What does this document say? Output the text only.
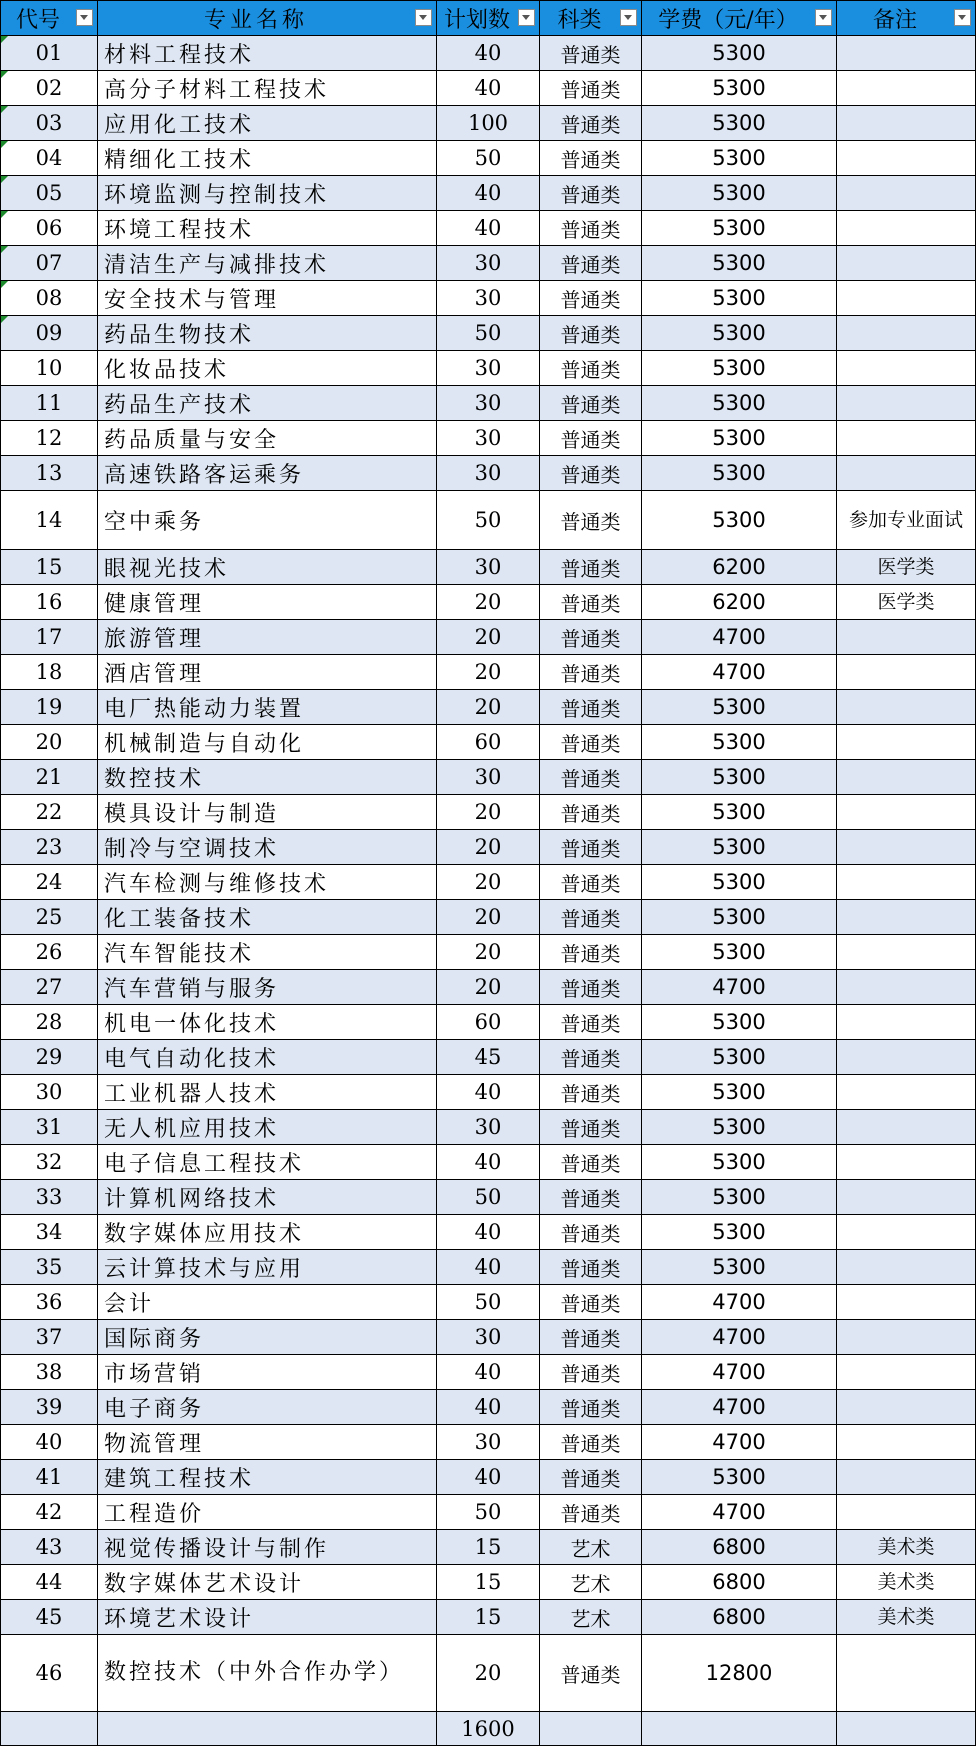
代号	专业名称	计划数	科类	学费（元/年）	备注

01	材料工程技术	40	普通类	5300	

02	高分子材料工程技术	40	普通类	5300	

03	应用化工技术	100	普通类	5300	

04	精细化工技术	50	普通类	5300	

05	环境监测与控制技术	40	普通类	5300	

06	环境工程技术	40	普通类	5300	

07	清洁生产与减排技术	30	普通类	5300	

08	安全技术与管理	30	普通类	5300	

09	药品生物技术	50	普通类	5300	
10	化妆品技术	30	普通类	5300	
11	药品生产技术	30	普通类	5300	
12	药品质量与安全	30	普通类	5300	
13	高速铁路客运乘务	30	普通类	5300	
14	空中乘务	50	普通类	5300	参加专业面试
15	眼视光技术	30	普通类	6200	医学类
16	健康管理	20	普通类	6200	医学类
17	旅游管理	20	普通类	4700	
18	酒店管理	20	普通类	4700	
19	电厂热能动力装置	20	普通类	5300	
20	机械制造与自动化	60	普通类	5300	
21	数控技术	30	普通类	5300	
22	模具设计与制造	20	普通类	5300	
23	制冷与空调技术	20	普通类	5300	
24	汽车检测与维修技术	20	普通类	5300	
25	化工装备技术	20	普通类	5300	
26	汽车智能技术	20	普通类	5300	
27	汽车营销与服务	20	普通类	4700	
28	机电一体化技术	60	普通类	5300	
29	电气自动化技术	45	普通类	5300	
30	工业机器人技术	40	普通类	5300	
31	无人机应用技术	30	普通类	5300	
32	电子信息工程技术	40	普通类	5300	
33	计算机网络技术	50	普通类	5300	
34	数字媒体应用技术	40	普通类	5300	
35	云计算技术与应用	40	普通类	5300	
36	会计	50	普通类	4700	
37	国际商务	30	普通类	4700	
38	市场营销	40	普通类	4700	
39	电子商务	40	普通类	4700	
40	物流管理	30	普通类	4700	
41	建筑工程技术	40	普通类	5300	
42	工程造价	50	普通类	4700	
43	视觉传播设计与制作	15	艺术	6800	美术类
44	数字媒体艺术设计	15	艺术	6800	美术类
45	环境艺术设计	15	艺术	6800	美术类
46	数控技术（中外合作办学）	20	普通类	12800	
		1600			
